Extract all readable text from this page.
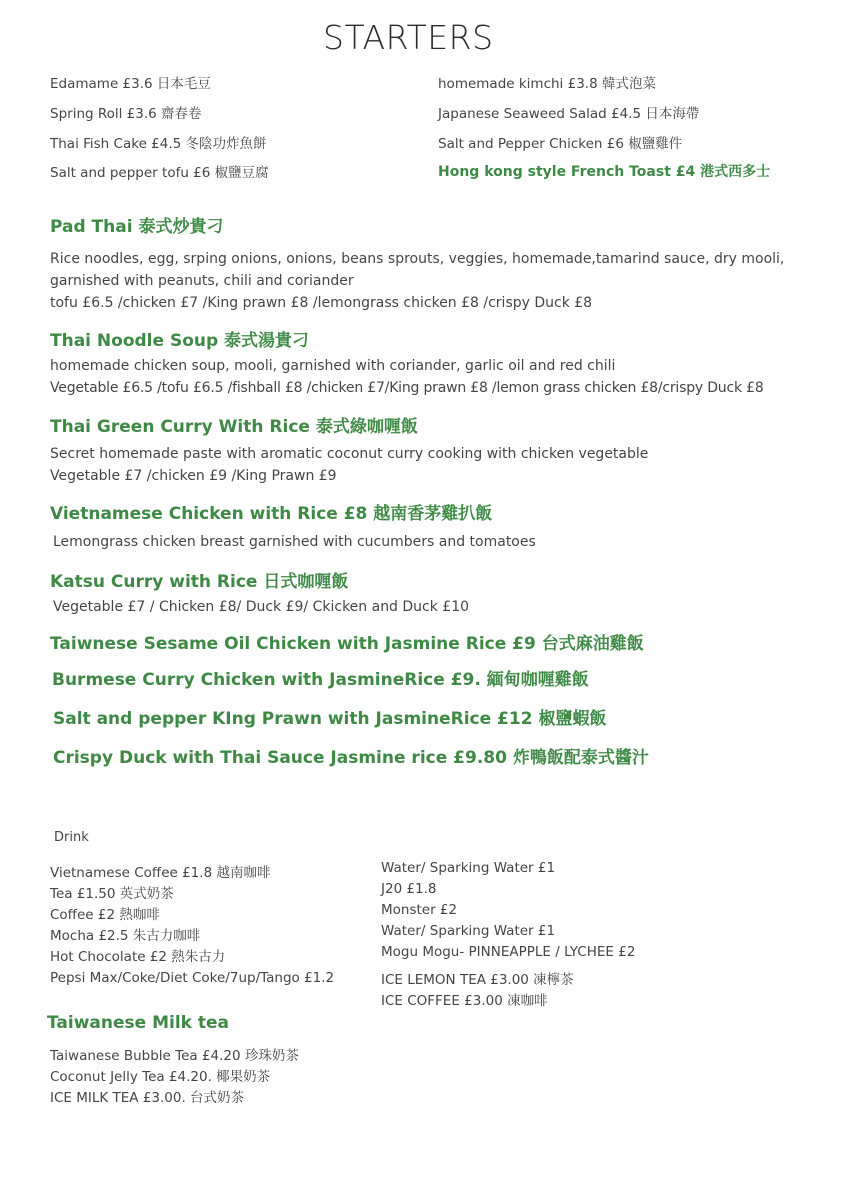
STARTERS
Edamame £3.6 日本毛豆
Spring Roll £3.6 齋春卷
Thai Fish Cake £4.5 冬陰功炸魚餅
Salt and pepper tofu £6 椒鹽豆腐
homemade kimchi £3.8 韓式泡菜
Japanese Seaweed Salad £4.5 日本海帶
Salt and Pepper Chicken £6 椒鹽雞件
Hong kong style French Toast £4 港式西多士
Pad Thai 泰式炒貴刁
Rice noodles, egg, srping onions, onions, beans sprouts, veggies, homemade,tamarind sauce, dry mooli,
garnished with peanuts, chili and coriander
tofu £6.5 /chicken £7 /King prawn £8 /lemongrass chicken £8 /crispy Duck £8
Thai Noodle Soup 泰式湯貴刁
homemade chicken soup, mooli, garnished with coriander, garlic oil and red chili
Vegetable £6.5 /tofu £6.5 /fishball £8 /chicken £7/King prawn £8 /lemon grass chicken £8/crispy Duck £8
Thai Green Curry With Rice 泰式綠咖喱飯
Secret homemade paste with aromatic coconut curry cooking with chicken vegetable
Vegetable £7 /chicken £9 /King Prawn £9
Vietnamese Chicken with Rice £8 越南香茅雞扒飯
Lemongrass chicken breast garnished with cucumbers and tomatoes
Katsu Curry with Rice 日式咖喱飯
Vegetable £7 / Chicken £8/ Duck £9/ Ckicken and Duck £10
Taiwnese Sesame Oil Chicken with Jasmine Rice £9 台式麻油雞飯
Burmese Curry Chicken with JasmineRice £9. 緬甸咖喱雞飯
Salt and pepper KIng Prawn with JasmineRice £12 椒鹽蝦飯
Crispy Duck with Thai Sauce Jasmine rice £9.80 炸鴨飯配泰式醬汁
Drink
Vietnamese Coffee £1.8 越南咖啡
Tea £1.50 英式奶茶
Coffee £2 熱咖啡
Mocha £2.5 朱古力咖啡
Hot Chocolate £2 熱朱古力
Pepsi Max/Coke/Diet Coke/7up/Tango £1.2
Water/ Sparking Water £1
J20 £1.8
Monster £2
Water/ Sparking Water £1
Mogu Mogu- PINNEAPPLE / LYCHEE £2
ICE LEMON TEA £3.00 凍檸茶
ICE COFFEE £3.00 凍咖啡
Taiwanese Milk tea
Taiwanese Bubble Tea £4.20 珍珠奶茶
Coconut Jelly Tea £4.20. 椰果奶茶
ICE MILK TEA £3.00. 台式奶茶
